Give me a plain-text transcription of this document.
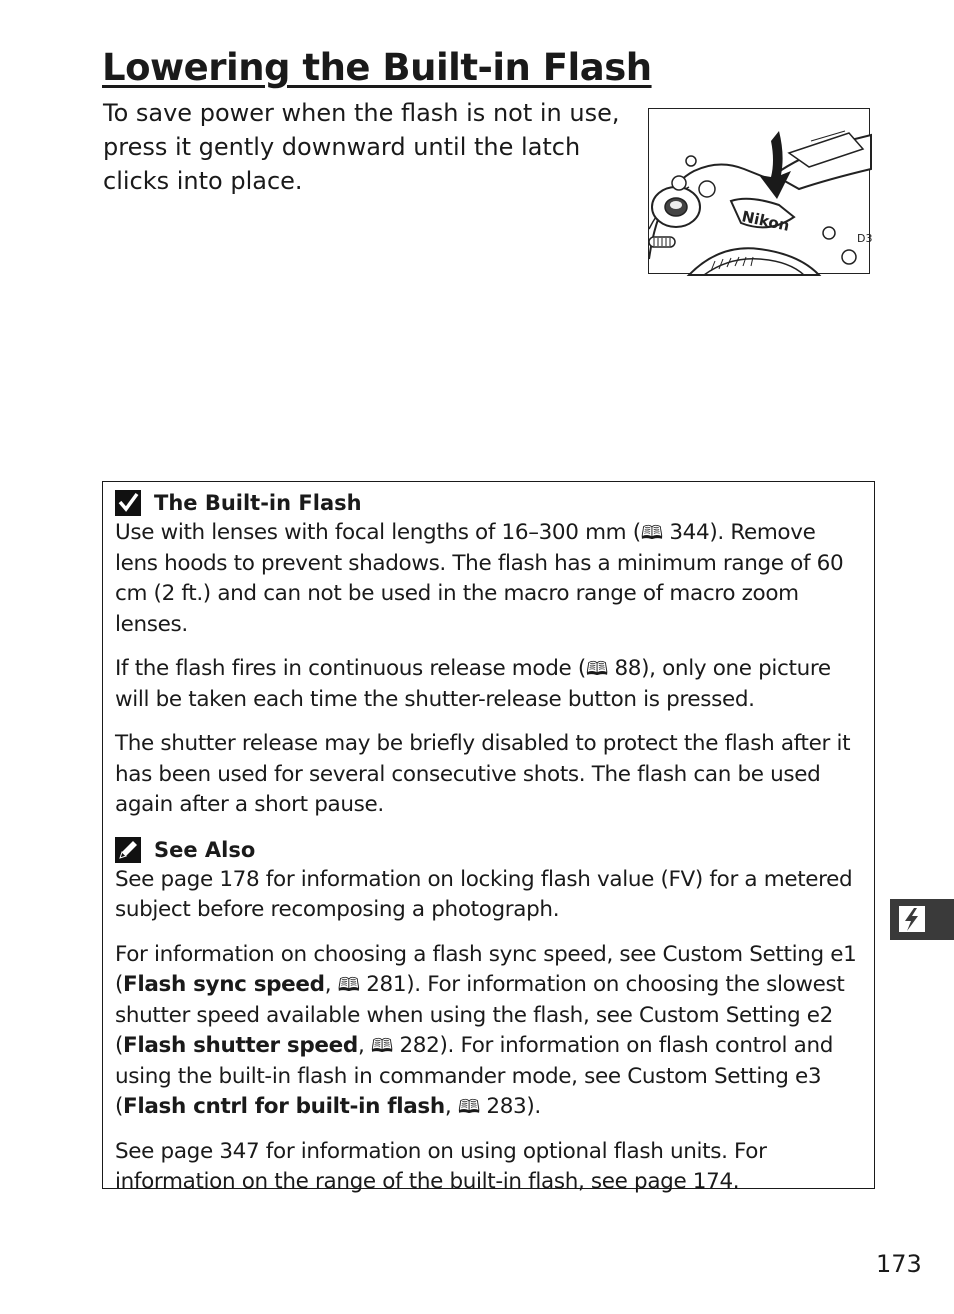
Lowering the Built-in Flash

To save power when the flash is not in use, press it gently downward until the latch clicks into place.

Nikon
D3
The Built-in Flash

Use with lenses with focal lengths of 16–300 mm (🕮 344). Remove lens hoods to prevent shadows. The flash has a minimum range of 60 cm (2 ft.) and can not be used in the macro range of macro zoom lenses.

If the flash fires in continuous release mode (🕮 88), only one picture will be taken each time the shutter-release button is pressed.

The shutter release may be briefly disabled to protect the flash after it has been used for several consecutive shots. The flash can be used again after a short pause.

See Also

See page 178 for information on locking flash value (FV) for a metered subject before recomposing a photograph.

For information on choosing a flash sync speed, see Custom Setting e1 (Flash sync speed, 🕮 281). For information on choosing the slowest shutter speed available when using the flash, see Custom Setting e2 (Flash shutter speed, 🕮 282). For information on flash control and using the built-in flash in commander mode, see Custom Setting e3 (Flash cntrl for built-in flash, 🕮 283).

See page 347 for information on using optional flash units. For information on the range of the built-in flash, see page 174.

173
